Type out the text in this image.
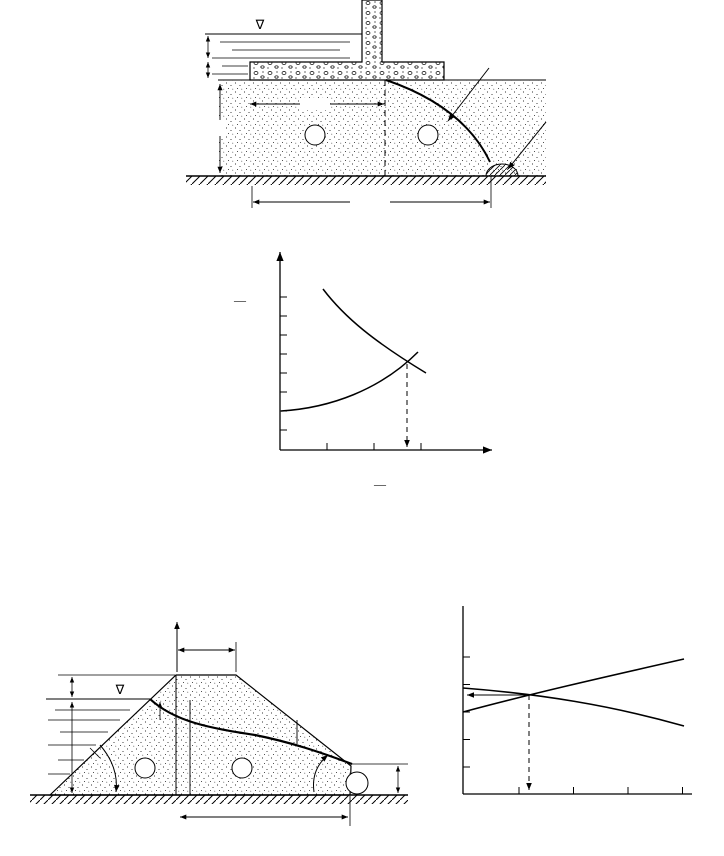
∇
—
—
∇
